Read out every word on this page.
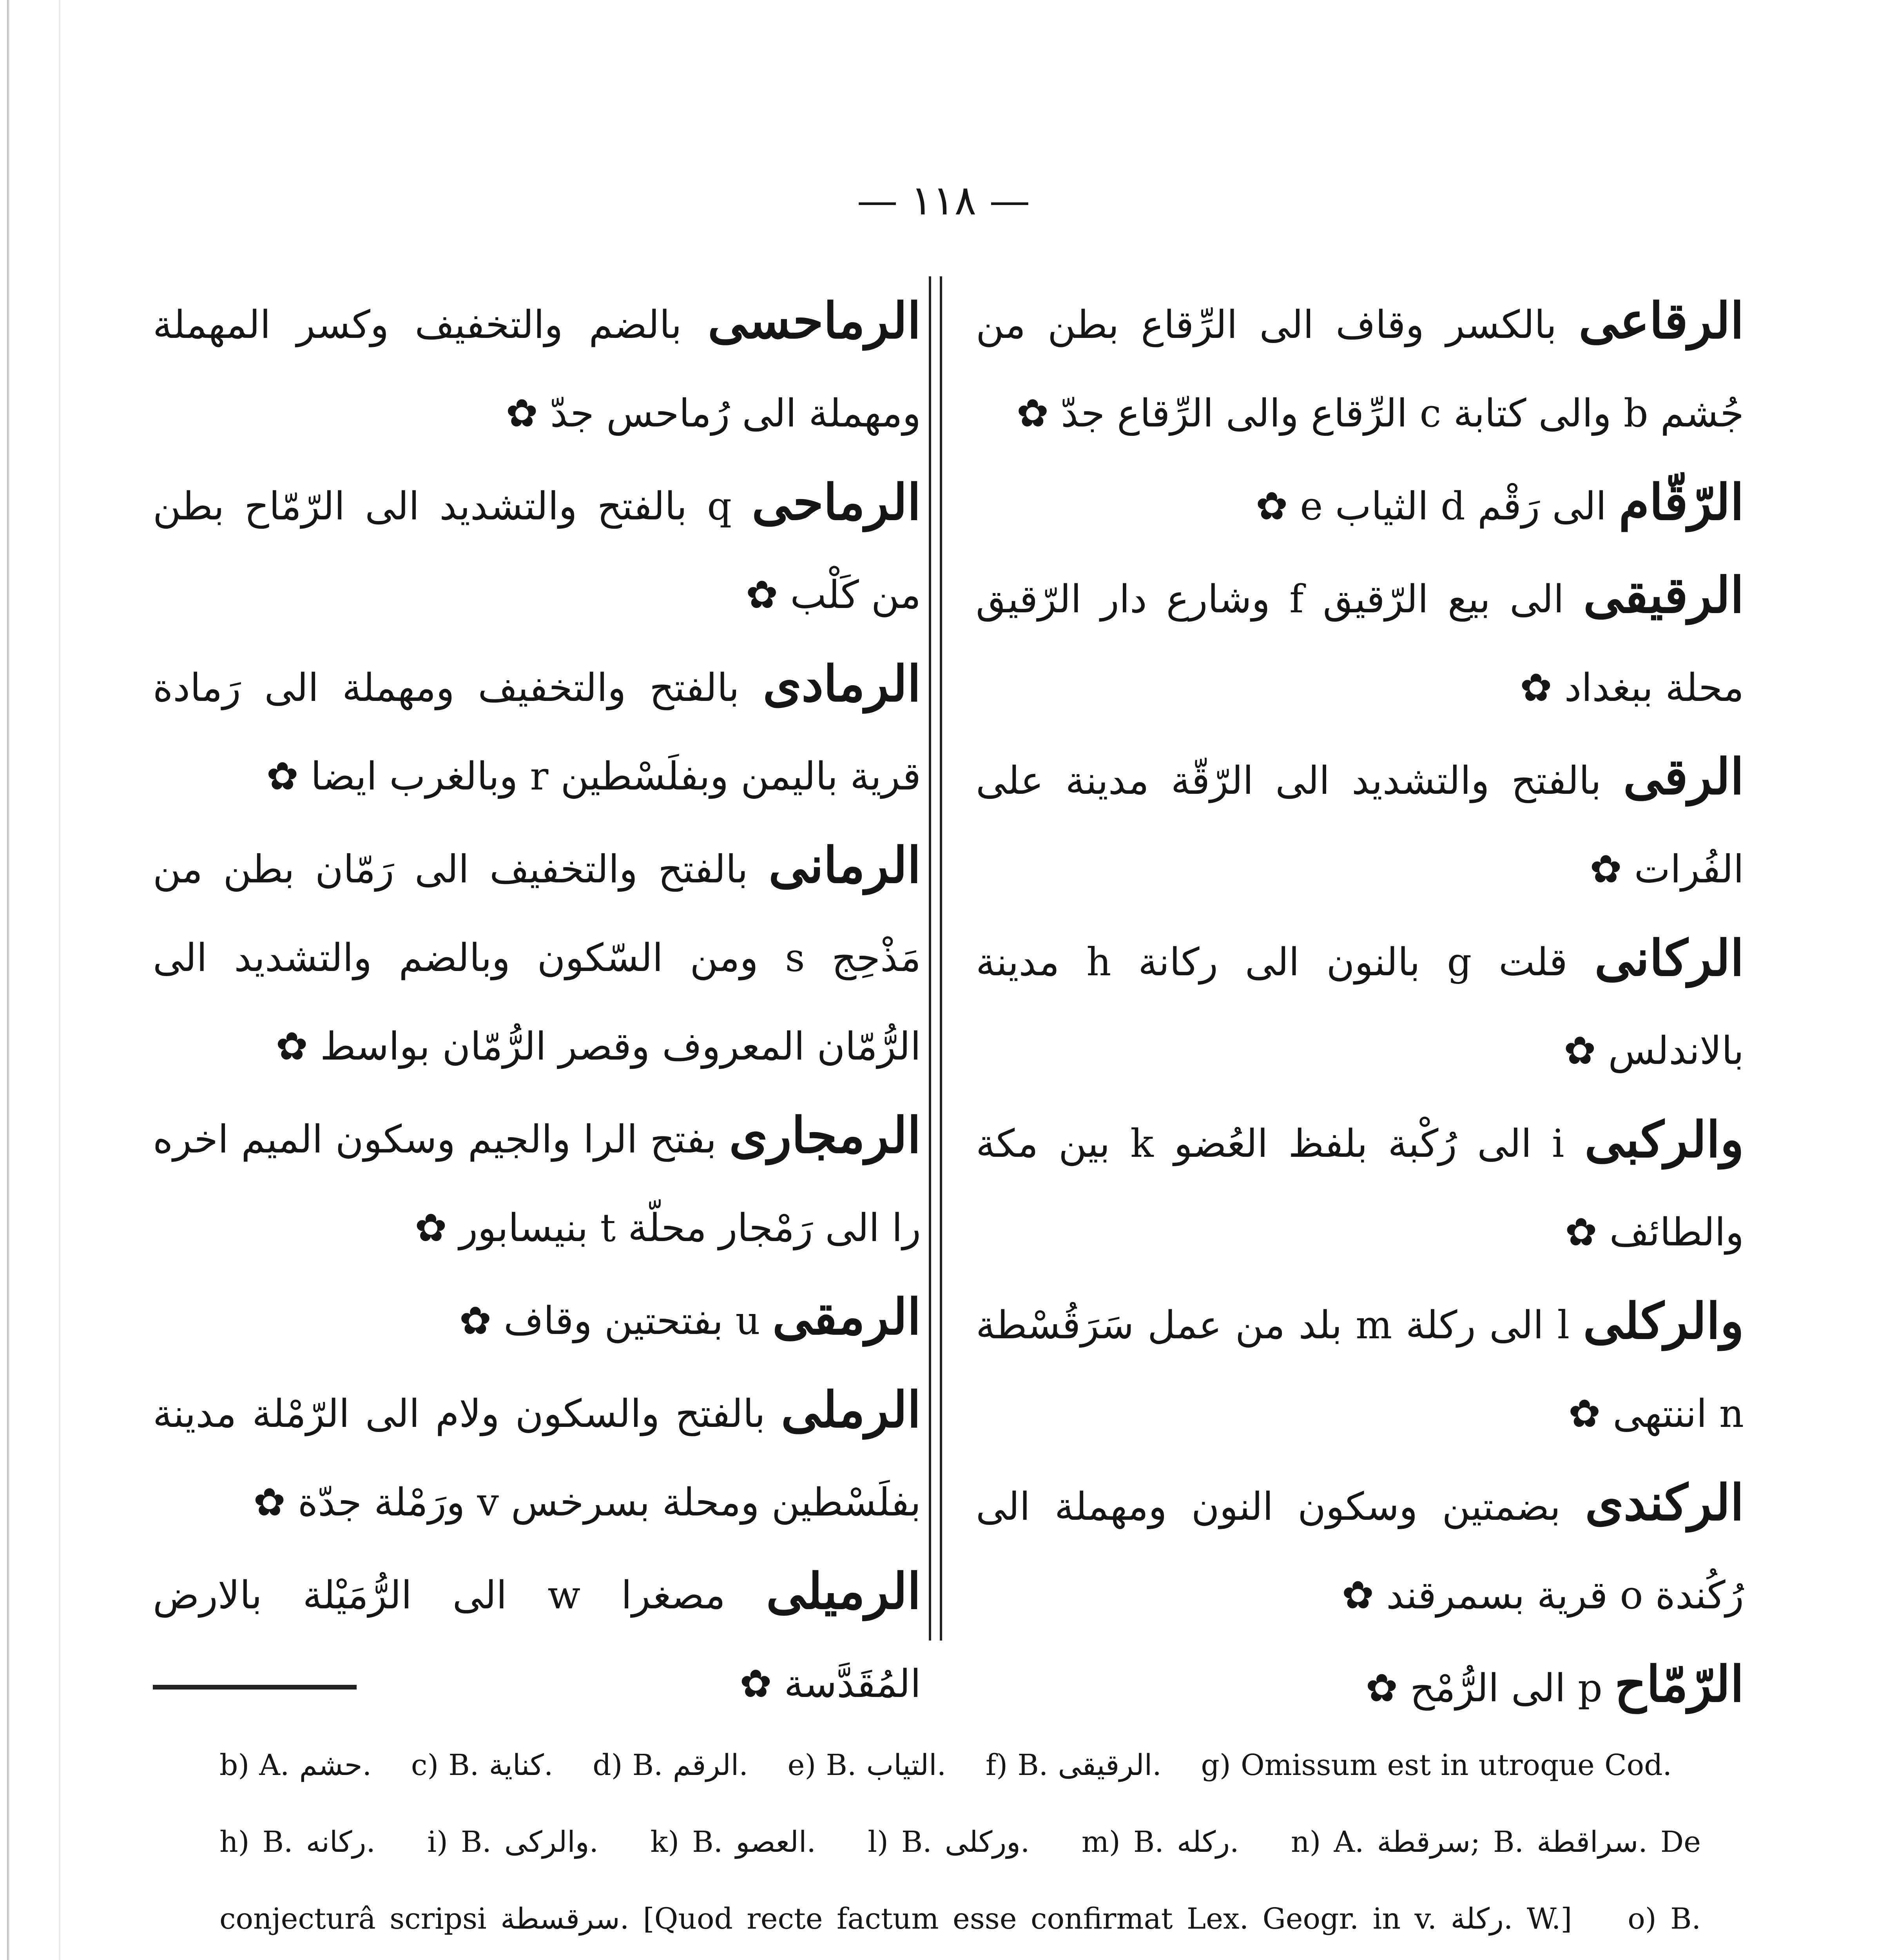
— ١١٨ —

الرقاعى بالكسر وقاف الى الرِّقاع بطن من جُشم b والى كتابة c الرِّقاع والى الرِّقاع جدّ ✿

الرّقّام الى رَقْم d الثياب e ✿

الرقيقى الى بيع الرّقيق f وشارع دار الرّقيق محلة ببغداد ✿

الرقى بالفتح والتشديد الى الرّقّة مدينة على الفُرات ✿

الركانى قلت g بالنون الى ركانة h مدينة بالاندلس ✿

والركبى i الى رُكْبة بلفظ العُضو k بين مكة والطائف ✿

والركلى l الى ركلة m بلد من عمل سَرَقُسْطة n اننتهى ✿

الركندى بضمتين وسكون النون ومهملة الى رُكُندة o قرية بسمرقند ✿

الرّمّاح p الى الرُّمْح ✿

الرماحسى بالضم والتخفيف وكسر المهملة ومهملة الى رُماحس جدّ ✿

الرماحى q بالفتح والتشديد الى الرّمّاح بطن من كَلْب ✿

الرمادى بالفتح والتخفيف ومهملة الى رَمادة قرية باليمن وبفلَسْطين r وبالغرب ايضا ✿

الرمانى بالفتح والتخفيف الى رَمّان بطن من مَذْحِج s ومن السّكون وبالضم والتشديد الى الرُّمّان المعروف وقصر الرُّمّان بواسط ✿

الرمجارى بفتح الرا والجيم وسكون الميم اخره را الى رَمْجار محلّة t بنيسابور ✿

الرمقى u بفتحتين وقاف ✿

الرملى بالفتح والسكون ولام الى الرّمْلة مدينة بفلَسْطين ومحلة بسرخس v ورَمْلة جدّة ✿

الرميلى مصغرا w الى الرُّمَيْلة بالارض المُقَدَّسة ✿

b) A. حشم. c) B. كناية. d) B. الرقم. e) B. التياب. f) B. الرقيقى. g) Omissum est in utroque Cod.    h) B. ركانه. i) B. والركى. k) B. العصو. l) B. وركلى. m) B. ركله. n) A. سرقطة; B. سراقطة. De conjecturâ scripsi سرقسطة. [Quod recte factum esse confirmat Lex. Geogr. in v. ركلة. W.] o) B.
